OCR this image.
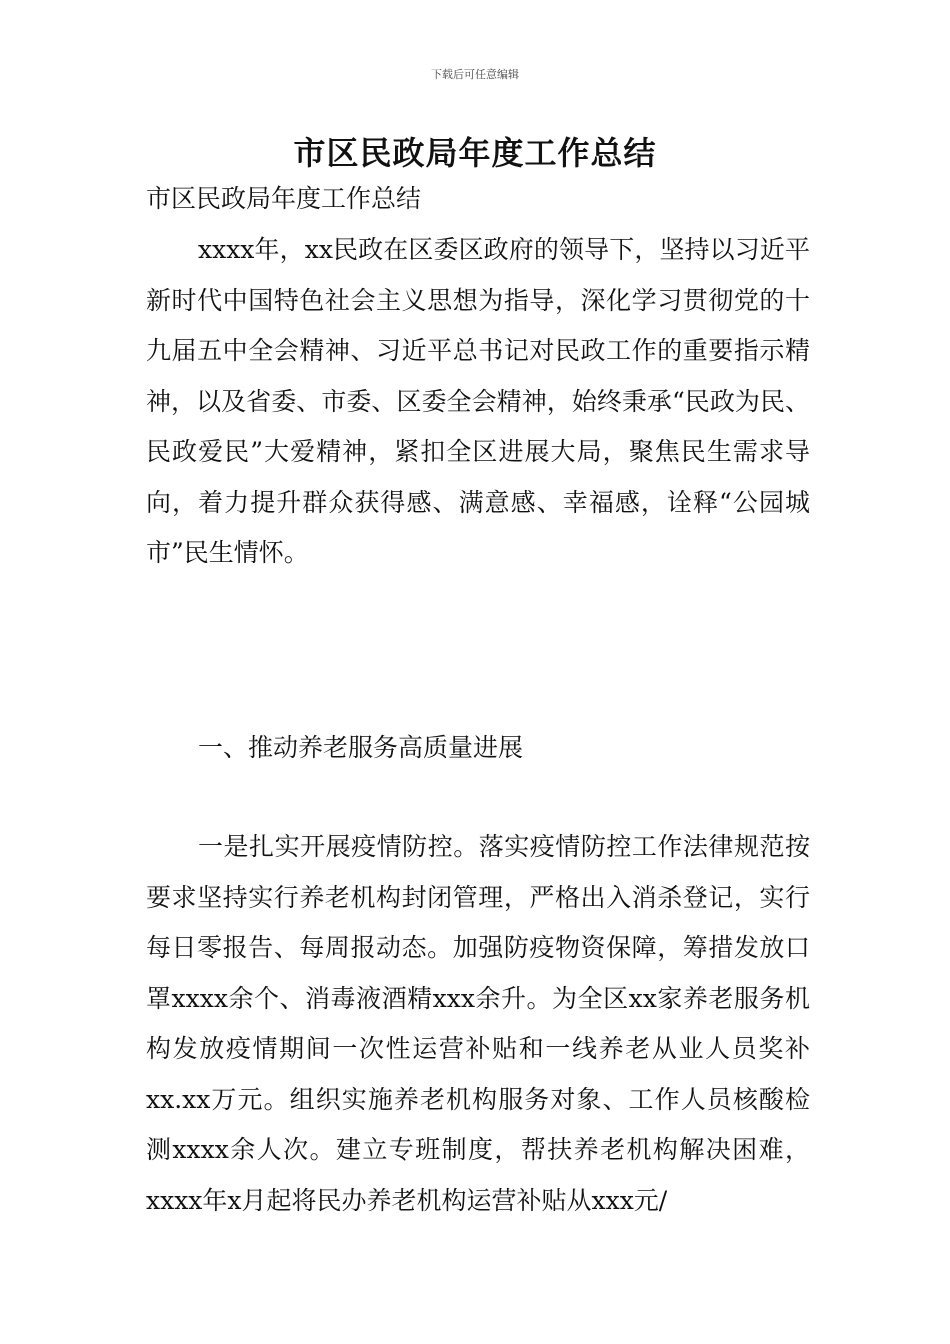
下载后可任意编辑
市区民政局年度工作总结
市区民政局年度工作总结

xxxx年，xx民政在区委区政府的领导下，坚持以习近平新时代中国特色社会主义思想为指导，深化学习贯彻党的十九届五中全会精神、习近平总书记对民政工作的重要指示精神，以及省委、市委、区委全会精神，始终秉承“民政为民、民政爱民”大爱精神，紧扣全区进展大局，聚焦民生需求导向，着力提升群众获得感、满意感、幸福感，诠释“公园城市”民生情怀。

一、推动养老服务高质量进展

一是扎实开展疫情防控。落实疫情防控工作法律规范按要求坚持实行养老机构封闭管理，严格出入消杀登记，实行每日零报告、每周报动态。加强防疫物资保障，筹措发放口罩xxxx余个、消毒液酒精xxx余升。为全区xx家养老服务机构发放疫情期间一次性运营补贴和一线养老从业人员奖补xx.xx万元。组织实施养老机构服务对象、工作人员核酸检测xxxx余人次。建立专班制度，帮扶养老机构解决困难，xxxx年x月起将民办养老机构运营补贴从xxx元/
